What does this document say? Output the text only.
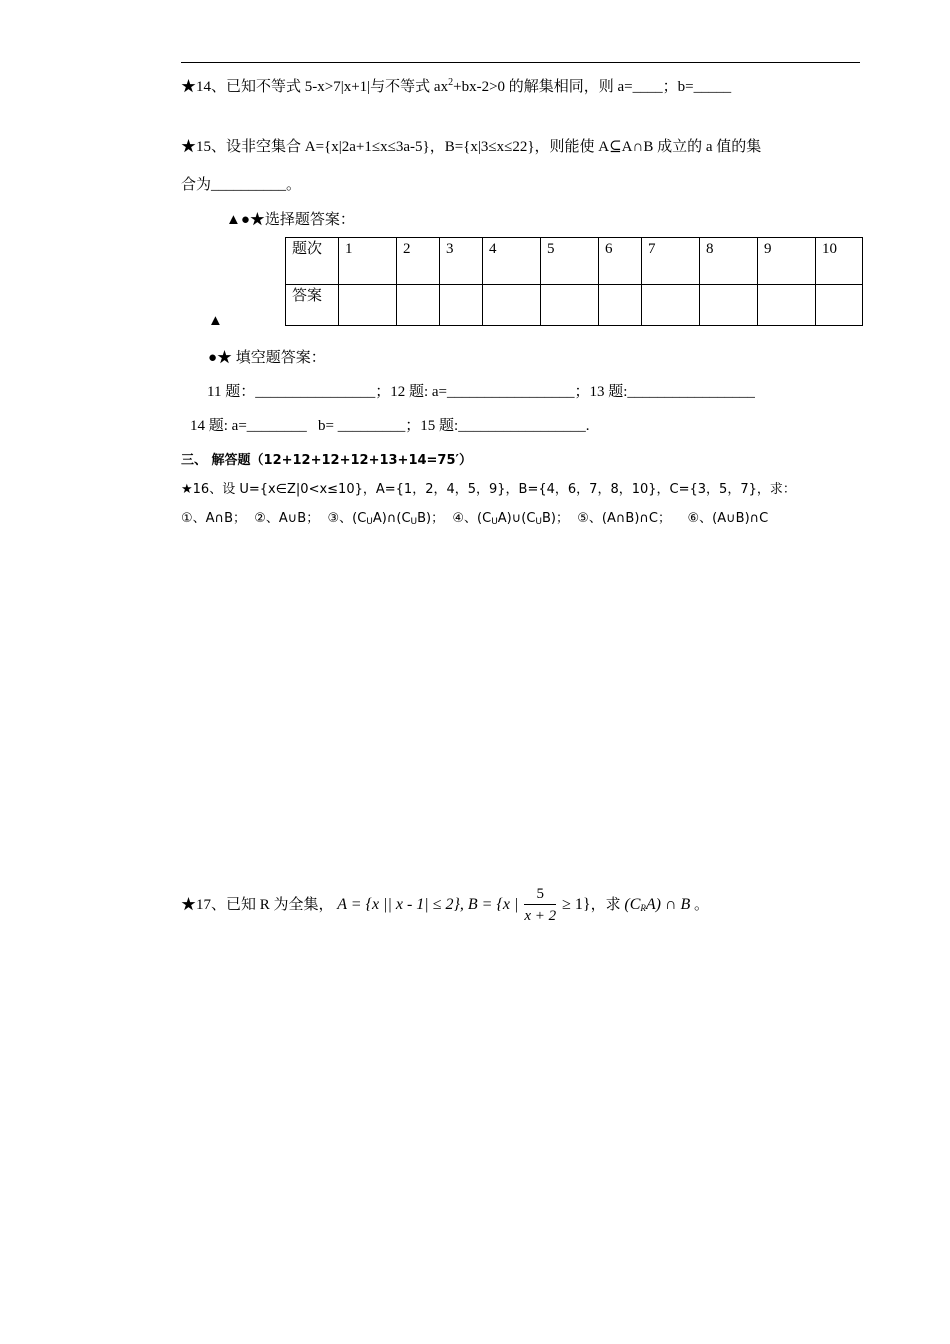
★14、已知不等式 5-x>7|x+1|与不等式 $ax^2+bx-2>0$ 的解集相同，则 a=____；b=_____
★15、设非空集合 A={x|2a+1≤x≤3a-5}，B={x|3≤x≤22}，则能使 A⊆A∩B 成立的 a 值的集
合为__________。
▲●★选择题答案：
题次	1	2	3	4	5	6	7	8	9	10
答案										
▲
●★ 填空题答案：
11 题：________________；12 题: a=_________________；13 题:_________________
14 题: a=________   b= _________；15 题:_________________.
三、 解答题（12+12+12+12+13+14=75′）
★16、设 U={x∈Z|0<x≤10}，A={1，2，4，5，9}，B={4，6，7，8，10}，C={3，5，7}，求：
①、A∩B；  ②、A∪B；  ③、$(C_UA)\cap(C_UB)$；  ④、$(C_UA)\cup(C_UB)$；  ⑤、(A∩B)∩C；    ⑥、(A∪B)∩C
★17、已知 R 为全集， A = {x || x - 1| ≤ 2}, B = {x | $\frac{5}{x + 2} \ge 1$}，求 $(C_RA)$ ∩ B 。
